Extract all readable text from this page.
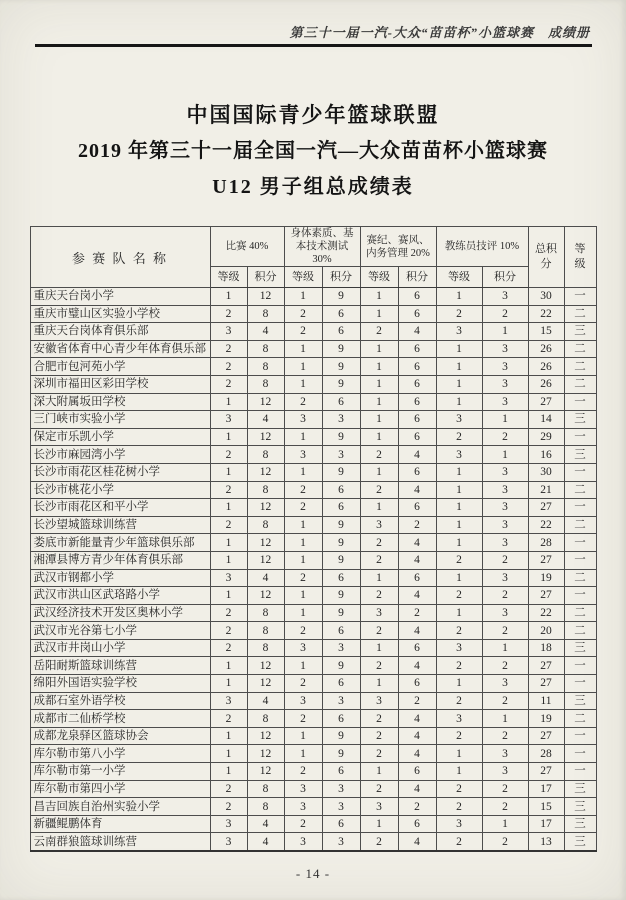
第三十一届一汽-大众“苗苗杯”小篮球赛　成绩册
中国国际青少年篮球联盟
2019 年第三十一届全国一汽—大众苗苗杯小篮球赛
U12 男子组总成绩表
参 赛 队 名 称	比赛 40%		身体素质、基本技术测试 30%		赛纪、赛风、内务管理 20%		教练员技评 10%		总积分	等级
	等级	积分	等级	积分	等级	积分	等级	积分		
重庆天台岗小学	1	12	1	9	1	6	1	3	30	一
重庆市璧山区实验小学校	2	8	2	6	1	6	2	2	22	二
重庆天台岗体育俱乐部	3	4	2	6	2	4	3	1	15	三
安徽省体育中心青少年体育俱乐部	2	8	1	9	1	6	1	3	26	二
合肥市包河苑小学	2	8	1	9	1	6	1	3	26	二
深圳市福田区彩田学校	2	8	1	9	1	6	1	3	26	二
深大附属坂田学校	1	12	2	6	1	6	1	3	27	一
三门峡市实验小学	3	4	3	3	1	6	3	1	14	三
保定市乐凯小学	1	12	1	9	1	6	2	2	29	一
长沙市麻园湾小学	2	8	3	3	2	4	3	1	16	三
长沙市雨花区桂花树小学	1	12	1	9	1	6	1	3	30	一
长沙市桃花小学	2	8	2	6	2	4	1	3	21	二
长沙市雨花区和平小学	1	12	2	6	1	6	1	3	27	一
长沙望城篮球训练营	2	8	1	9	3	2	1	3	22	二
娄底市新能量青少年篮球俱乐部	1	12	1	9	2	4	1	3	28	一
湘潭县博方青少年体育俱乐部	1	12	1	9	2	4	2	2	27	一
武汉市钢都小学	3	4	2	6	1	6	1	3	19	二
武汉市洪山区武珞路小学	1	12	1	9	2	4	2	2	27	一
武汉经济技术开发区奥林小学	2	8	1	9	3	2	1	3	22	二
武汉市光谷第七小学	2	8	2	6	2	4	2	2	20	二
武汉市井岗山小学	2	8	3	3	1	6	3	1	18	三
岳阳耐斯篮球训练营	1	12	1	9	2	4	2	2	27	一
绵阳外国语实验学校	1	12	2	6	1	6	1	3	27	一
成都石室外语学校	3	4	3	3	3	2	2	2	11	三
成都市二仙桥学校	2	8	2	6	2	4	3	1	19	二
成都龙泉驿区篮球协会	1	12	1	9	2	4	2	2	27	一
库尔勒市第八小学	1	12	1	9	2	4	1	3	28	一
库尔勒市第一小学	1	12	2	6	1	6	1	3	27	一
库尔勒市第四小学	2	8	3	3	2	4	2	2	17	三
昌吉回族自治州实验小学	2	8	3	3	3	2	2	2	15	三
新疆鲲鹏体育	3	4	2	6	1	6	3	1	17	三
云南群狼篮球训练营	3	4	3	3	2	4	2	2	13	三
- 14 -
